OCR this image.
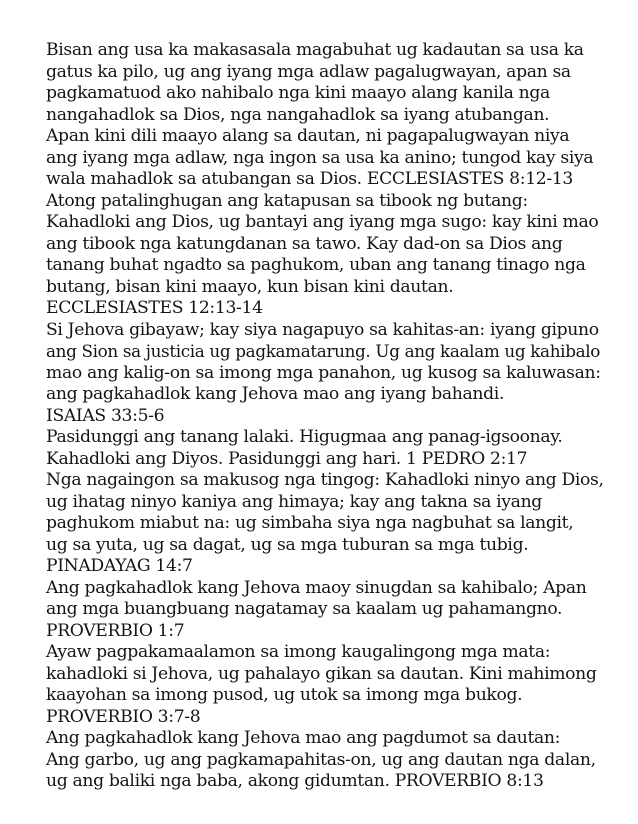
Bisan ang usa ka makasasala magabuhat ug kadautan sa usa ka
gatus ka pilo, ug ang iyang mga adlaw pagalugwayan, apan sa
pagkamatuod ako nahibalo nga kini maayo alang kanila nga
nangahadlok sa Dios, nga nangahadlok sa iyang atubangan.
Apan kini dili maayo alang sa dautan, ni pagapalugwayan niya
ang iyang mga adlaw, nga ingon sa usa ka anino; tungod kay siya
wala mahadlok sa atubangan sa Dios. ECCLESIASTES 8:12-13
Atong patalinghugan ang katapusan sa tibook ng butang:
Kahadloki ang Dios, ug bantayi ang iyang mga sugo: kay kini mao
ang tibook nga katungdanan sa tawo. Kay dad-on sa Dios ang
tanang buhat ngadto sa paghukom, uban ang tanang tinago nga
butang, bisan kini maayo, kun bisan kini dautan.
ECCLESIASTES 12:13-14
Si Jehova gibayaw; kay siya nagapuyo sa kahitas-an: iyang gipuno
ang Sion sa justicia ug pagkamatarung. Ug ang kaalam ug kahibalo
mao ang kalig-on sa imong mga panahon, ug kusog sa kaluwasan:
ang pagkahadlok kang Jehova mao ang iyang bahandi.
ISAIAS 33:5-6
Pasidunggi ang tanang lalaki. Higugmaa ang panag-igsoonay.
Kahadloki ang Diyos. Pasidunggi ang hari. 1 PEDRO 2:17
Nga nagaingon sa makusog nga tingog: Kahadloki ninyo ang Dios,
ug ihatag ninyo kaniya ang himaya; kay ang takna sa iyang
paghukom miabut na: ug simbaha siya nga nagbuhat sa langit,
ug sa yuta, ug sa dagat, ug sa mga tuburan sa mga tubig.
PINADAYAG 14:7
Ang pagkahadlok kang Jehova maoy sinugdan sa kahibalo; Apan
ang mga buangbuang nagatamay sa kaalam ug pahamangno.
PROVERBIO 1:7
Ayaw pagpakamaalamon sa imong kaugalingong mga mata:
kahadloki si Jehova, ug pahalayo gikan sa dautan. Kini mahimong
kaayohan sa imong pusod, ug utok sa imong mga bukog.
PROVERBIO 3:7-8
Ang pagkahadlok kang Jehova mao ang pagdumot sa dautan:
Ang garbo, ug ang pagkamapahitas-on, ug ang dautan nga dalan,
ug ang baliki nga baba, akong gidumtan. PROVERBIO 8:13
